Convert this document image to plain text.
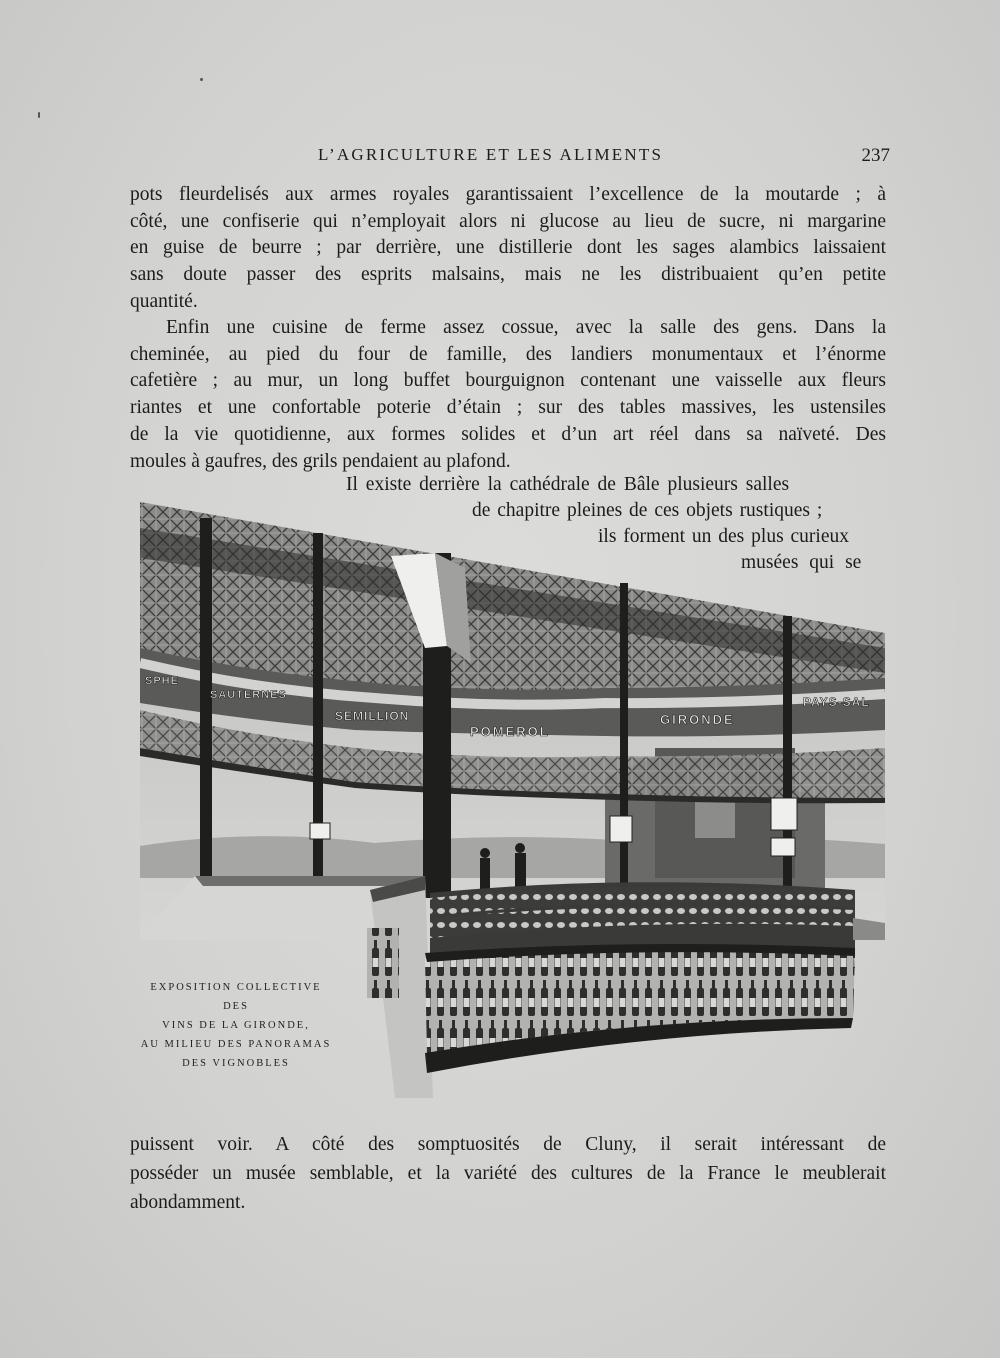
L’AGRICULTURE ET LES ALIMENTS	237

pots fleurdelisés aux armes royales garantissaient l’excellence de la moutarde ; à
côté, une confiserie qui n’employait alors ni glucose au lieu de sucre, ni margarine
en guise de beurre ; par derrière, une distillerie dont les sages alambics laissaient
sans doute passer des esprits malsains, mais ne les distribuaient qu’en petite
quantité.

Enfin une cuisine de ferme assez cossue, avec la salle des gens. Dans la
cheminée, au pied du four de famille, des landiers monumentaux et l’énorme
cafetière ; au mur, un long buffet bourguignon contenant une vaisselle aux fleurs
riantes et une confortable poterie d’étain ; sur des tables massives, les ustensiles
de la vie quotidienne, aux formes solides et d’un art réel dans sa naïveté. Des
moules à gaufres, des grils pendaient au plafond.

Il existe derrière la cathédrale de Bâle plusieurs salles
de chapitre pleines de ces objets rustiques ;
ils forment un des plus curieux
musées qui se
POMEROL
GIRONDE
SEMILLION
SAUTERNES	PAYS-SAL
SPHE
EXPOSITION COLLECTIVE
DES
VINS DE LA GIRONDE,
AU MILIEU DES PANORAMAS
DES VIGNOBLES

puissent voir. A côté des somptuosités de Cluny, il serait intéressant de
posséder un musée semblable, et la variété des cultures de la France le meublerait
abondamment.
